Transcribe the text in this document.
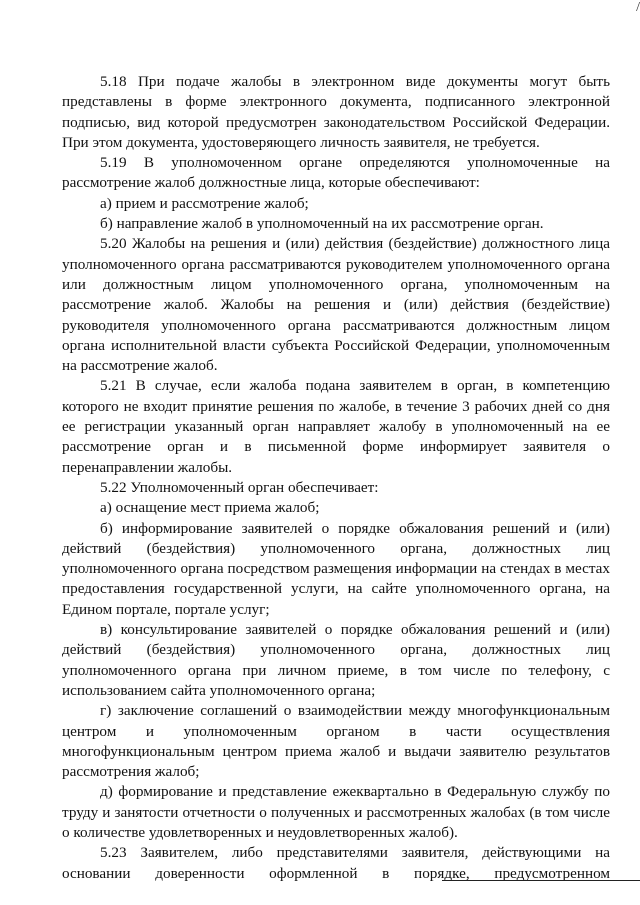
/

5.18 При подаче жалобы в электронном виде документы могут быть представлены в форме электронного документа, подписанного электронной подписью, вид которой предусмотрен законодательством Российской Федерации. При этом документа, удостоверяющего личность заявителя, не требуется.

5.19 В уполномоченном органе определяются уполномоченные на рассмотрение жалоб должностные лица, которые обеспечивают:

а) прием и рассмотрение жалоб;

б) направление жалоб в уполномоченный на их рассмотрение орган.

5.20 Жалобы на решения и (или) действия (бездействие) должностного лица уполномоченного органа рассматриваются руководителем уполномоченного органа или должностным лицом уполномоченного органа, уполномоченным на рассмотрение жалоб. Жалобы на решения и (или) действия (бездействие) руководителя уполномоченного органа рассматриваются должностным лицом органа исполнительной власти субъекта Российской Федерации, уполномоченным на рассмотрение жалоб.

5.21 В случае, если жалоба подана заявителем в орган, в компетенцию которого не входит принятие решения по жалобе, в течение 3 рабочих дней со дня ее регистрации указанный орган направляет жалобу в уполномоченный на ее рассмотрение орган и в письменной форме информирует заявителя о перенаправлении жалобы.

5.22 Уполномоченный орган обеспечивает:

а) оснащение мест приема жалоб;

б) информирование заявителей о порядке обжалования решений и (или) действий (бездействия) уполномоченного органа, должностных лиц уполномоченного органа посредством размещения информации на стендах в местах предоставления государственной услуги, на сайте уполномоченного органа, на Едином портале, портале услуг;

в) консультирование заявителей о порядке обжалования решений и (или) действий (бездействия) уполномоченного органа, должностных лиц уполномоченного органа при личном приеме, в том числе по телефону, с использованием сайта уполномоченного органа;

г) заключение соглашений о взаимодействии между многофункциональным центром и уполномоченным органом в части осуществления многофункциональным центром приема жалоб и выдачи заявителю результатов рассмотрения жалоб;

д) формирование и представление ежеквартально в Федеральную службу по труду и занятости отчетности о полученных и рассмотренных жалобах (в том числе о количестве удовлетворенных и неудовлетворенных жалоб).

5.23 Заявителем, либо представителями заявителя, действующими на основании доверенности оформленной в порядке, предусмотренном
